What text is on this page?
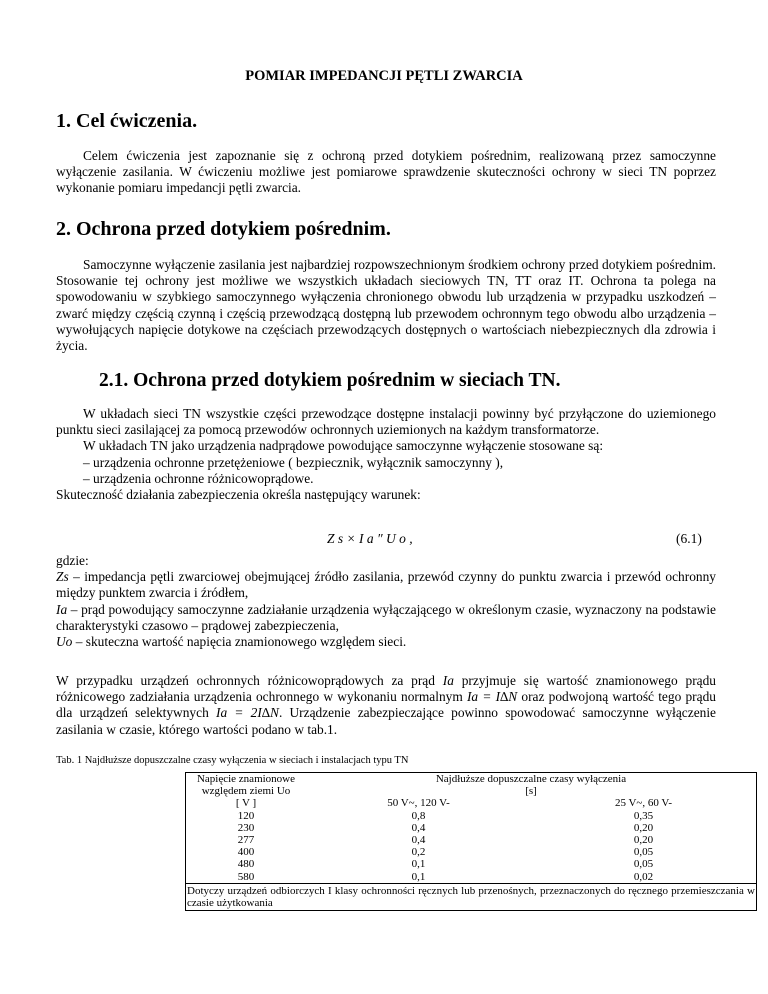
POMIAR IMPEDANCJI PĘTLI ZWARCIA
1. Cel ćwiczenia.
Celem ćwiczenia jest zapoznanie się z ochroną przed dotykiem pośrednim, realizowaną przez samoczynne wyłączenie zasilania. W ćwiczeniu możliwe jest pomiarowe sprawdzenie skuteczności ochrony w sieci TN poprzez wykonanie pomiaru impedancji pętli zwarcia.
2. Ochrona przed dotykiem pośrednim.
Samoczynne wyłączenie zasilania jest najbardziej rozpowszechnionym środkiem ochrony przed dotykiem pośrednim. Stosowanie tej ochrony jest możliwe we wszystkich układach sieciowych TN, TT oraz IT. Ochrona ta polega na spowodowaniu w szybkiego samoczynnego wyłączenia chronionego obwodu lub urządzenia w przypadku uszkodzeń – zwarć między częścią czynną i częścią przewodzącą dostępną lub przewodem ochronnym tego obwodu albo urządzenia – wywołujących napięcie dotykowe na częściach przewodzących dostępnych o wartościach niebezpiecznych dla zdrowia i życia.
2.1. Ochrona przed dotykiem pośrednim w sieciach TN.

W układach sieci TN wszystkie części przewodzące dostępne instalacji powinny być przyłączone do uziemionego punktu sieci zasilającej za pomocą przewodów ochronnych uziemionych na każdym transformatorze.

W układach TN jako urządzenia nadprądowe powodujące samoczynne wyłączenie stosowane są:

– urządzenia ochronne przetężeniowe ( bezpiecznik, wyłącznik samoczynny ),

– urządzenia ochronne różnicowoprądowe.

Skuteczność działania zabezpieczenia określa następujący warunek:

Z s × I a ″ U o ,	(6.1)

gdzie:

Zs – impedancja pętli zwarciowej obejmującej źródło zasilania, przewód czynny do punktu zwarcia i przewód ochronny między punktem zwarcia i źródłem,

Ia – prąd powodujący samoczynne zadziałanie urządzenia wyłączającego w określonym czasie, wyznaczony na podstawie charakterystyki czasowo – prądowej zabezpieczenia,

Uo – skuteczna wartość napięcia znamionowego względem sieci.

W przypadku urządzeń ochronnych różnicowoprądowych za prąd Ia przyjmuje się wartość znamionowego prądu różnicowego zadziałania urządzenia ochronnego w wykonaniu normalnym Ia = I∆N oraz podwojoną wartość tego prądu dla urządzeń selektywnych Ia = 2I∆N. Urządzenie zabezpieczające powinno spowodować samoczynne wyłączenie zasilania w czasie, którego wartości podano w tab.1.
Tab. 1 Najdłuższe dopuszczalne czasy wyłączenia w sieciach i instalacjach typu TN
Napięcie znamionowe	Najdłuższe dopuszczalne czasy wyłączenia	
względem ziemi Uo	[s]	
[ V ]	50 V~, 120 V-	25 V~, 60 V-
120	0,8	0,35
230	0,4	0,20
277	0,4	0,20
400	0,2	0,05
480	0,1	0,05
580	0,1	0,02
Dotyczy urządzeń odbiorczych I klasy ochronności ręcznych lub przenośnych, przeznaczonych do ręcznego przemieszczania w czasie użytkowania		
